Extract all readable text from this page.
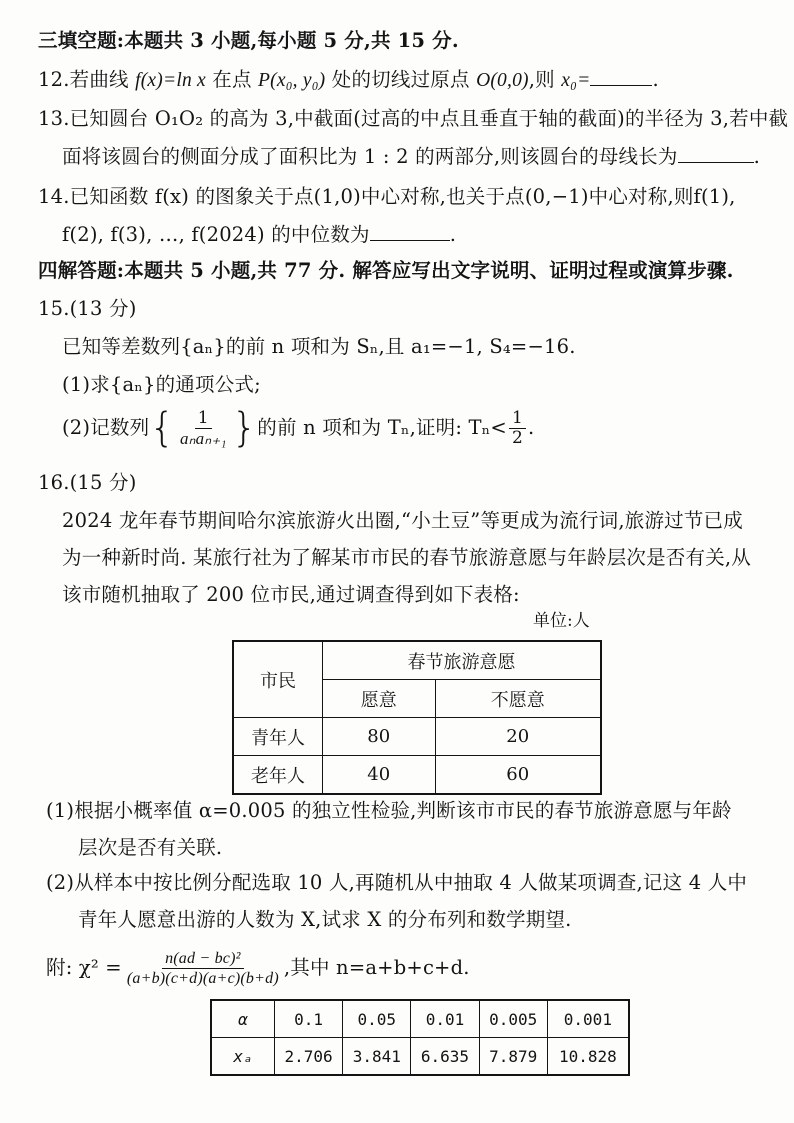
三填空题:本题共 3 小题,每小题 5 分,共 15 分.
12.若曲线 f(x)=ln x 在点 P(x₀, y₀) 处的切线过原点 O(0,0),则 x₀=	.
13.已知圆台 O₁O₂ 的高为 3,中截面(过高的中点且垂直于轴的截面)的半径为 3,若中截
面将该圆台的侧面分成了面积比为 1 : 2 的两部分,则该圆台的母线长为	.
14.已知函数 f(x) 的图象关于点(1,0)中心对称,也关于点(0,−1)中心对称,则f(1),
f(2), f(3), …, f(2024) 的中位数为	.
四解答题:本题共 5 小题,共 77 分. 解答应写出文字说明、证明过程或演算步骤.
15.(13 分)
已知等差数列{aₙ}的前 n 项和为 Sₙ,且 a₁=−1, S₄=−16.
(1)求{aₙ}的通项公式;
(2)记数列 { $\frac{1}{\text{aₙaₙ₊₁}}$ } 的前 n 项和为 Tₙ,证明: $T_n< \frac{1}{2}$ .
16.(15 分)
2024 龙年春节期间哈尔滨旅游火出圈,“小土豆”等更成为流行词,旅游过节已成
为一种新时尚. 某旅行社为了解某市市民的春节旅游意愿与年龄层次是否有关,从
该市随机抽取了 200 位市民,通过调查得到如下表格:
单位:人
市民	春节旅游意愿	
	愿意	不愿意
青年人	80	20
老年人	40	60
(1)根据小概率值 α=0.005 的独立性检验,判断该市市民的春节旅游意愿与年龄
层次是否有关联.
(2)从样本中按比例分配选取 10 人,再随机从中抽取 4 人做某项调查,记这 4 人中
青年人愿意出游的人数为 X,试求 X 的分布列和数学期望.
附: $\chi^2 = \frac{\text{n(ad − bc)²}}{(a+b)(c+d)(a+c)(b+d)}$ ,其中 n=a+b+c+d.
α	0.1	0.05	0.01	0.005	0.001
xₐ	2.706	3.841	6.635	7.879	10.828
